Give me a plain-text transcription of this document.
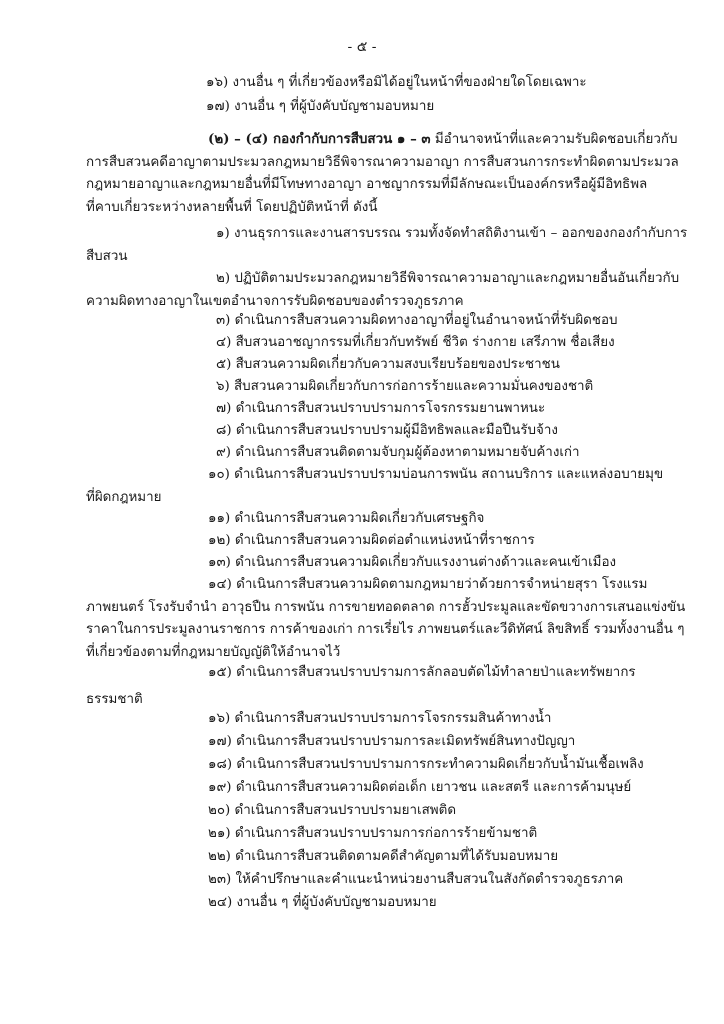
- ๕ -
๑๖) งานอื่น ๆ ที่เกี่ยวข้องหรือมิได้อยู่ในหน้าที่ของฝ่ายใดโดยเฉพาะ
๑๗) งานอื่น ๆ ที่ผู้บังคับบัญชามอบหมาย
(๒) – (๔) กองกำกับการสืบสวน ๑ – ๓ มีอำนาจหน้าที่และความรับผิดชอบเกี่ยวกับ
การสืบสวนคดีอาญาตามประมวลกฎหมายวิธีพิจารณาความอาญา การสืบสวนการกระทำผิดตามประมวล
กฎหมายอาญาและกฎหมายอื่นที่มีโทษทางอาญา อาชญากรรมที่มีลักษณะเป็นองค์กรหรือผู้มีอิทธิพล
ที่คาบเกี่ยวระหว่างหลายพื้นที่ โดยปฏิบัติหน้าที่ ดังนี้
๑) งานธุรการและงานสารบรรณ รวมทั้งจัดทำสถิติงานเข้า – ออกของกองกำกับการ
สืบสวน
๒) ปฏิบัติตามประมวลกฎหมายวิธีพิจารณาความอาญาและกฎหมายอื่นอันเกี่ยวกับ
ความผิดทางอาญาในเขตอำนาจการรับผิดชอบของตำรวจภูธรภาค
๓) ดำเนินการสืบสวนความผิดทางอาญาที่อยู่ในอำนาจหน้าที่รับผิดชอบ
๔) สืบสวนอาชญากรรมที่เกี่ยวกับทรัพย์ ชีวิต ร่างกาย เสรีภาพ ชื่อเสียง
๕) สืบสวนความผิดเกี่ยวกับความสงบเรียบร้อยของประชาชน
๖) สืบสวนความผิดเกี่ยวกับการก่อการร้ายและความมั่นคงของชาติ
๗) ดำเนินการสืบสวนปราบปรามการโจรกรรมยานพาหนะ
๘) ดำเนินการสืบสวนปราบปรามผู้มีอิทธิพลและมือปืนรับจ้าง
๙) ดำเนินการสืบสวนติดตามจับกุมผู้ต้องหาตามหมายจับค้างเก่า
๑๐) ดำเนินการสืบสวนปราบปรามบ่อนการพนัน สถานบริการ และแหล่งอบายมุข
ที่ผิดกฎหมาย
๑๑) ดำเนินการสืบสวนความผิดเกี่ยวกับเศรษฐกิจ
๑๒) ดำเนินการสืบสวนความผิดต่อตำแหน่งหน้าที่ราชการ
๑๓) ดำเนินการสืบสวนความผิดเกี่ยวกับแรงงานต่างด้าวและคนเข้าเมือง
๑๔) ดำเนินการสืบสวนความผิดตามกฎหมายว่าด้วยการจำหน่ายสุรา โรงแรม
ภาพยนตร์ โรงรับจำนำ อาวุธปืน การพนัน การขายทอดตลาด การฮั้วประมูลและขัดขวางการเสนอแข่งขัน
ราคาในการประมูลงานราชการ การค้าของเก่า การเรี่ยไร ภาพยนตร์และวีดิทัศน์ ลิขสิทธิ์ รวมทั้งงานอื่น ๆ
ที่เกี่ยวข้องตามที่กฎหมายบัญญัติให้อำนาจไว้
๑๕) ดำเนินการสืบสวนปราบปรามการลักลอบตัดไม้ทำลายป่าและทรัพยากร
ธรรมชาติ
๑๖) ดำเนินการสืบสวนปราบปรามการโจรกรรมสินค้าทางน้ำ
๑๗) ดำเนินการสืบสวนปราบปรามการละเมิดทรัพย์สินทางปัญญา
๑๘) ดำเนินการสืบสวนปราบปรามการกระทำความผิดเกี่ยวกับน้ำมันเชื้อเพลิง
๑๙) ดำเนินการสืบสวนความผิดต่อเด็ก เยาวชน และสตรี และการค้ามนุษย์
๒๐) ดำเนินการสืบสวนปราบปรามยาเสพติด
๒๑) ดำเนินการสืบสวนปราบปรามการก่อการร้ายข้ามชาติ
๒๒) ดำเนินการสืบสวนติดตามคดีสำคัญตามที่ได้รับมอบหมาย
๒๓) ให้คำปรึกษาและคำแนะนำหน่วยงานสืบสวนในสังกัดตำรวจภูธรภาค
๒๔) งานอื่น ๆ ที่ผู้บังคับบัญชามอบหมาย
